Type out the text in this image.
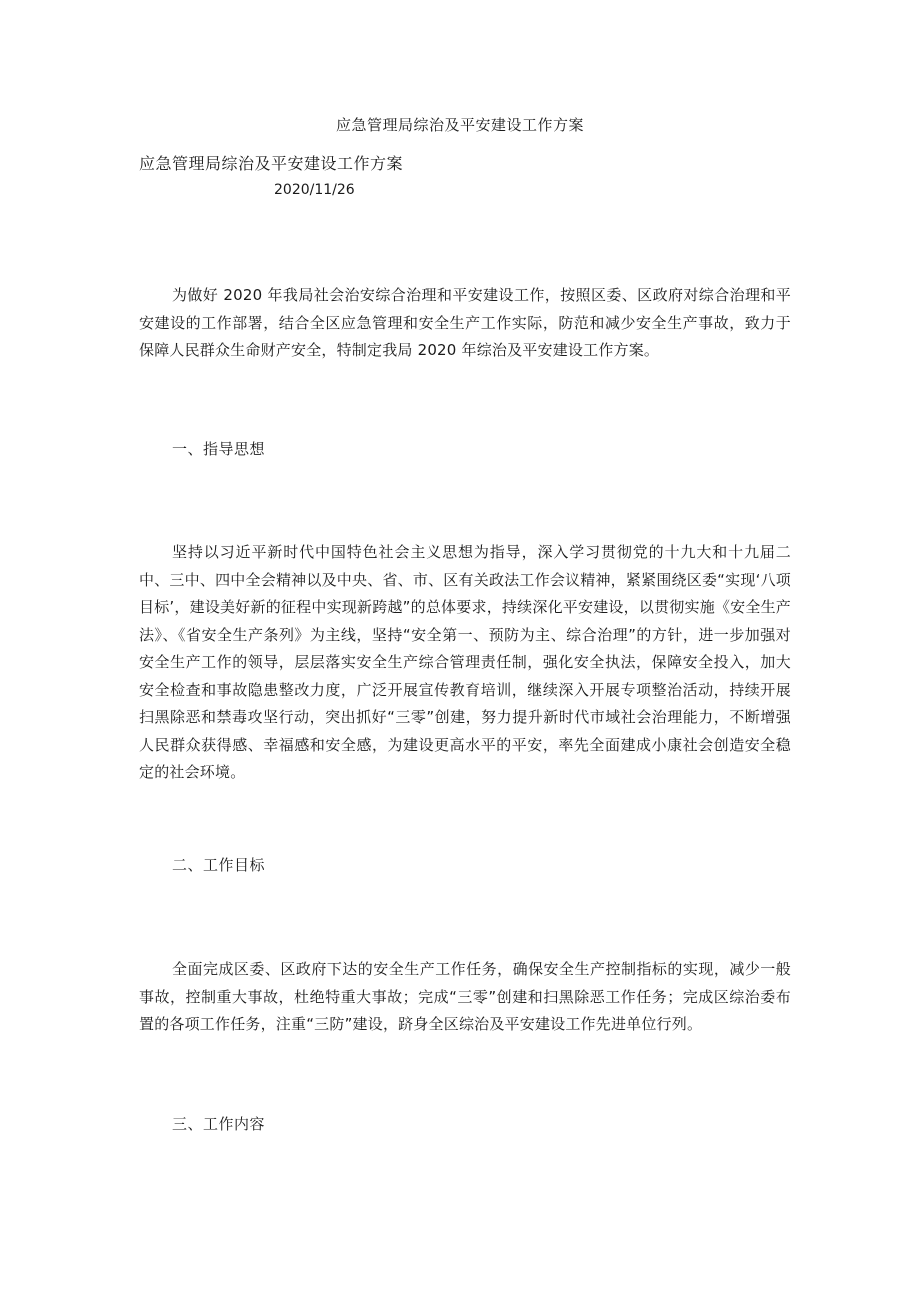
应急管理局综治及平安建设工作方案
应急管理局综治及平安建设工作方案
2020/11/26

为做好 2020 年我局社会治安综合治理和平安建设工作，按照区委、区政府对综合治理和平安建设的工作部署，结合全区应急管理和安全生产工作实际，防范和减少安全生产事故，致力于保障人民群众生命财产安全，特制定我局 2020 年综治及平安建设工作方案。

一、指导思想

坚持以习近平新时代中国特色社会主义思想为指导，深入学习贯彻党的十九大和十九届二中、三中、四中全会精神以及中央、省、市、区有关政法工作会议精神，紧紧围绕区委“实现‘八项目标’，建设美好新的征程中实现新跨越”的总体要求，持续深化平安建设，以贯彻实施《安全生产法》、《省安全生产条列》为主线，坚持“安全第一、预防为主、综合治理”的方针，进一步加强对安全生产工作的领导，层层落实安全生产综合管理责任制，强化安全执法，保障安全投入，加大安全检查和事故隐患整改力度，广泛开展宣传教育培训，继续深入开展专项整治活动，持续开展扫黑除恶和禁毒攻坚行动，突出抓好“三零”创建，努力提升新时代市域社会治理能力，不断增强人民群众获得感、幸福感和安全感，为建设更高水平的平安，率先全面建成小康社会创造安全稳定的社会环境。

二、工作目标

全面完成区委、区政府下达的安全生产工作任务，确保安全生产控制指标的实现，减少一般事故，控制重大事故，杜绝特重大事故；完成“三零”创建和扫黑除恶工作任务；完成区综治委布置的各项工作任务，注重“三防”建设，跻身全区综治及平安建设工作先进单位行列。

三、工作内容
